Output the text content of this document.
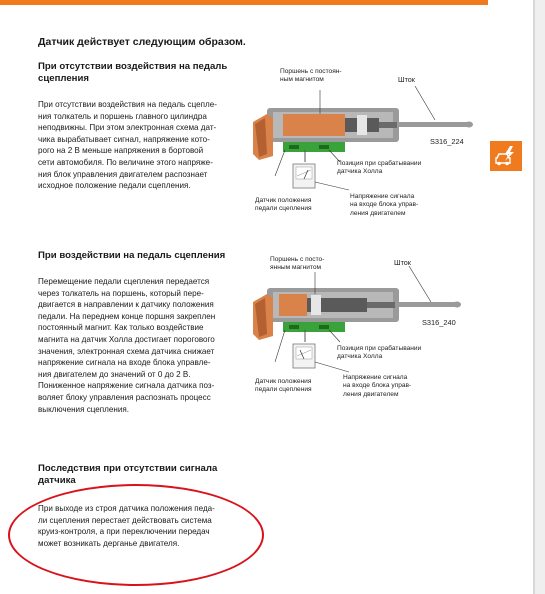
Датчик действует следующим образом.
При отсутствии воздействия на педаль
сцепления
При отсутствии воздействия на педаль сцепле-
ния толкатель и поршень главного цилиндра
неподвижны. При этом электронная схема дат-
чика вырабатывает сигнал, напряжение кото-
рого на 2 В меньше напряжения в бортовой
сети автомобиля. По величине этого напряже-
ния блок управления двигателем распознает
исходное положение педали сцепления.
Поршень с постоян-
ным магнитом	Шток
S316_224
Позиция при срабатывании
датчика Холла
Датчик положения
педали сцепления
Напряжение сигнала
на входе блока управ-
ления двигателем
При воздействии на педаль сцепления
Перемещение педали сцепления передается
через толкатель на поршень, который пере-
двигается в направлении к датчику положения
педали. На переднем конце поршня закреплен
постоянный магнит. Как только воздействие
магнита на датчик Холла достигает порогового
значения, электронная схема датчика снижает
напряжение сигнала на входе блока управле-
ния двигателем до значений от 0 до 2 В.
Пониженное напряжение сигнала датчика поз-
воляет блоку управления распознать процесс
выключения сцепления.
Поршень с посто-
янным магнитом
Шток
S316_240
Позиция при срабатывании
датчика Холла
Датчик положения
педали сцепления
Напряжение сигнала
на входе блока управ-
ления двигателем
Последствия при отсутствии сигнала
датчика
При выходе из строя датчика положения педа-
ли сцепления перестает действовать система
круиз-контроля, а при переключении передач
может возникать дерганье двигателя.
